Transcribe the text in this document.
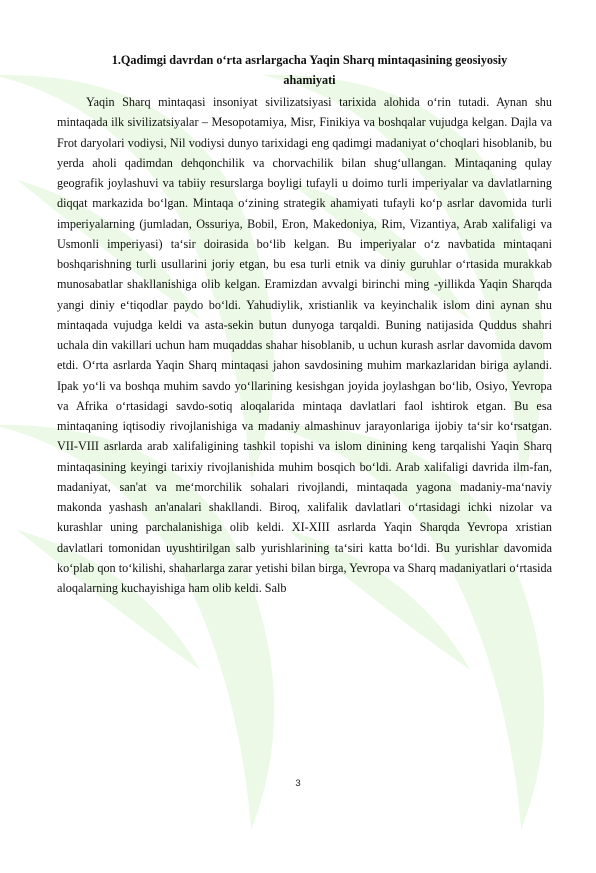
1.Qadimgi davrdan o‘rta asrlargacha Yaqin Sharq mintaqasining geosiyosiy
ahamiyati

Yaqin Sharq mintaqasi insoniyat sivilizatsiyasi tarixida alohida o‘rin tutadi. Aynan shu mintaqada ilk sivilizatsiyalar – Mesopotamiya, Misr, Finikiya va boshqalar vujudga kelgan. Dajla va Frot daryolari vodiysi, Nil vodiysi dunyo tarixidagi eng qadimgi madaniyat o‘choqlari hisoblanib, bu yerda aholi qadimdan dehqonchilik va chorvachilik bilan shug‘ullangan. Mintaqaning qulay geografik joylashuvi va tabiiy resurslarga boyligi tufayli u doimo turli imperiyalar va davlatlarning diqqat markazida bo‘lgan. Mintaqa o‘zining strategik ahamiyati tufayli ko‘p asrlar davomida turli imperiyalarning (jumladan, Ossuriya, Bobil, Eron, Makedoniya, Rim, Vizantiya, Arab xalifaligi va Usmonli imperiyasi) ta‘sir doirasida bo‘lib kelgan. Bu imperiyalar o‘z navbatida mintaqani boshqarishning turli usullarini joriy etgan, bu esa turli etnik va diniy guruhlar o‘rtasida murakkab munosabatlar shakllanishiga olib kelgan. Eramizdan avvalgi birinchi ming -yillikda Yaqin Sharqda yangi diniy e‘tiqodlar paydo bo‘ldi. Yahudiylik, xristianlik va keyinchalik islom dini aynan shu mintaqada vujudga keldi va asta-sekin butun dunyoga tarqaldi. Buning natijasida Quddus shahri uchala din vakillari uchun ham muqaddas shahar hisoblanib, u uchun kurash asrlar davomida davom etdi. O‘rta asrlarda Yaqin Sharq mintaqasi jahon savdosining muhim markazlaridan biriga aylandi. Ipak yo‘li va boshqa muhim savdo yo‘llarining kesishgan joyida joylashgan bo‘lib, Osiyo, Yevropa va Afrika o‘rtasidagi savdo-sotiq aloqalarida mintaqa davlatlari faol ishtirok etgan. Bu esa mintaqaning iqtisodiy rivojlanishiga va madaniy almashinuv jarayonlariga ijobiy ta‘sir ko‘rsatgan. VII-VIII asrlarda arab xalifaligining tashkil topishi va islom dinining keng tarqalishi Yaqin Sharq mintaqasining keyingi tarixiy rivojlanishida muhim bosqich bo‘ldi. Arab xalifaligi davrida ilm-fan, madaniyat, san'at va me‘morchilik sohalari rivojlandi, mintaqada yagona madaniy-ma‘naviy makonda yashash an'analari shakllandi. Biroq, xalifalik davlatlari o‘rtasidagi ichki nizolar va kurashlar uning parchalanishiga olib keldi. XI-XIII asrlarda Yaqin Sharqda Yevropa xristian davlatlari tomonidan uyushtirilgan salb yurishlarining ta‘siri katta bo‘ldi. Bu yurishlar davomida ko‘plab qon to‘kilishi, shaharlarga zarar yetishi bilan birga, Yevropa va Sharq madaniyatlari o‘rtasida aloqalarning kuchayishiga ham olib keldi. Salb

3
